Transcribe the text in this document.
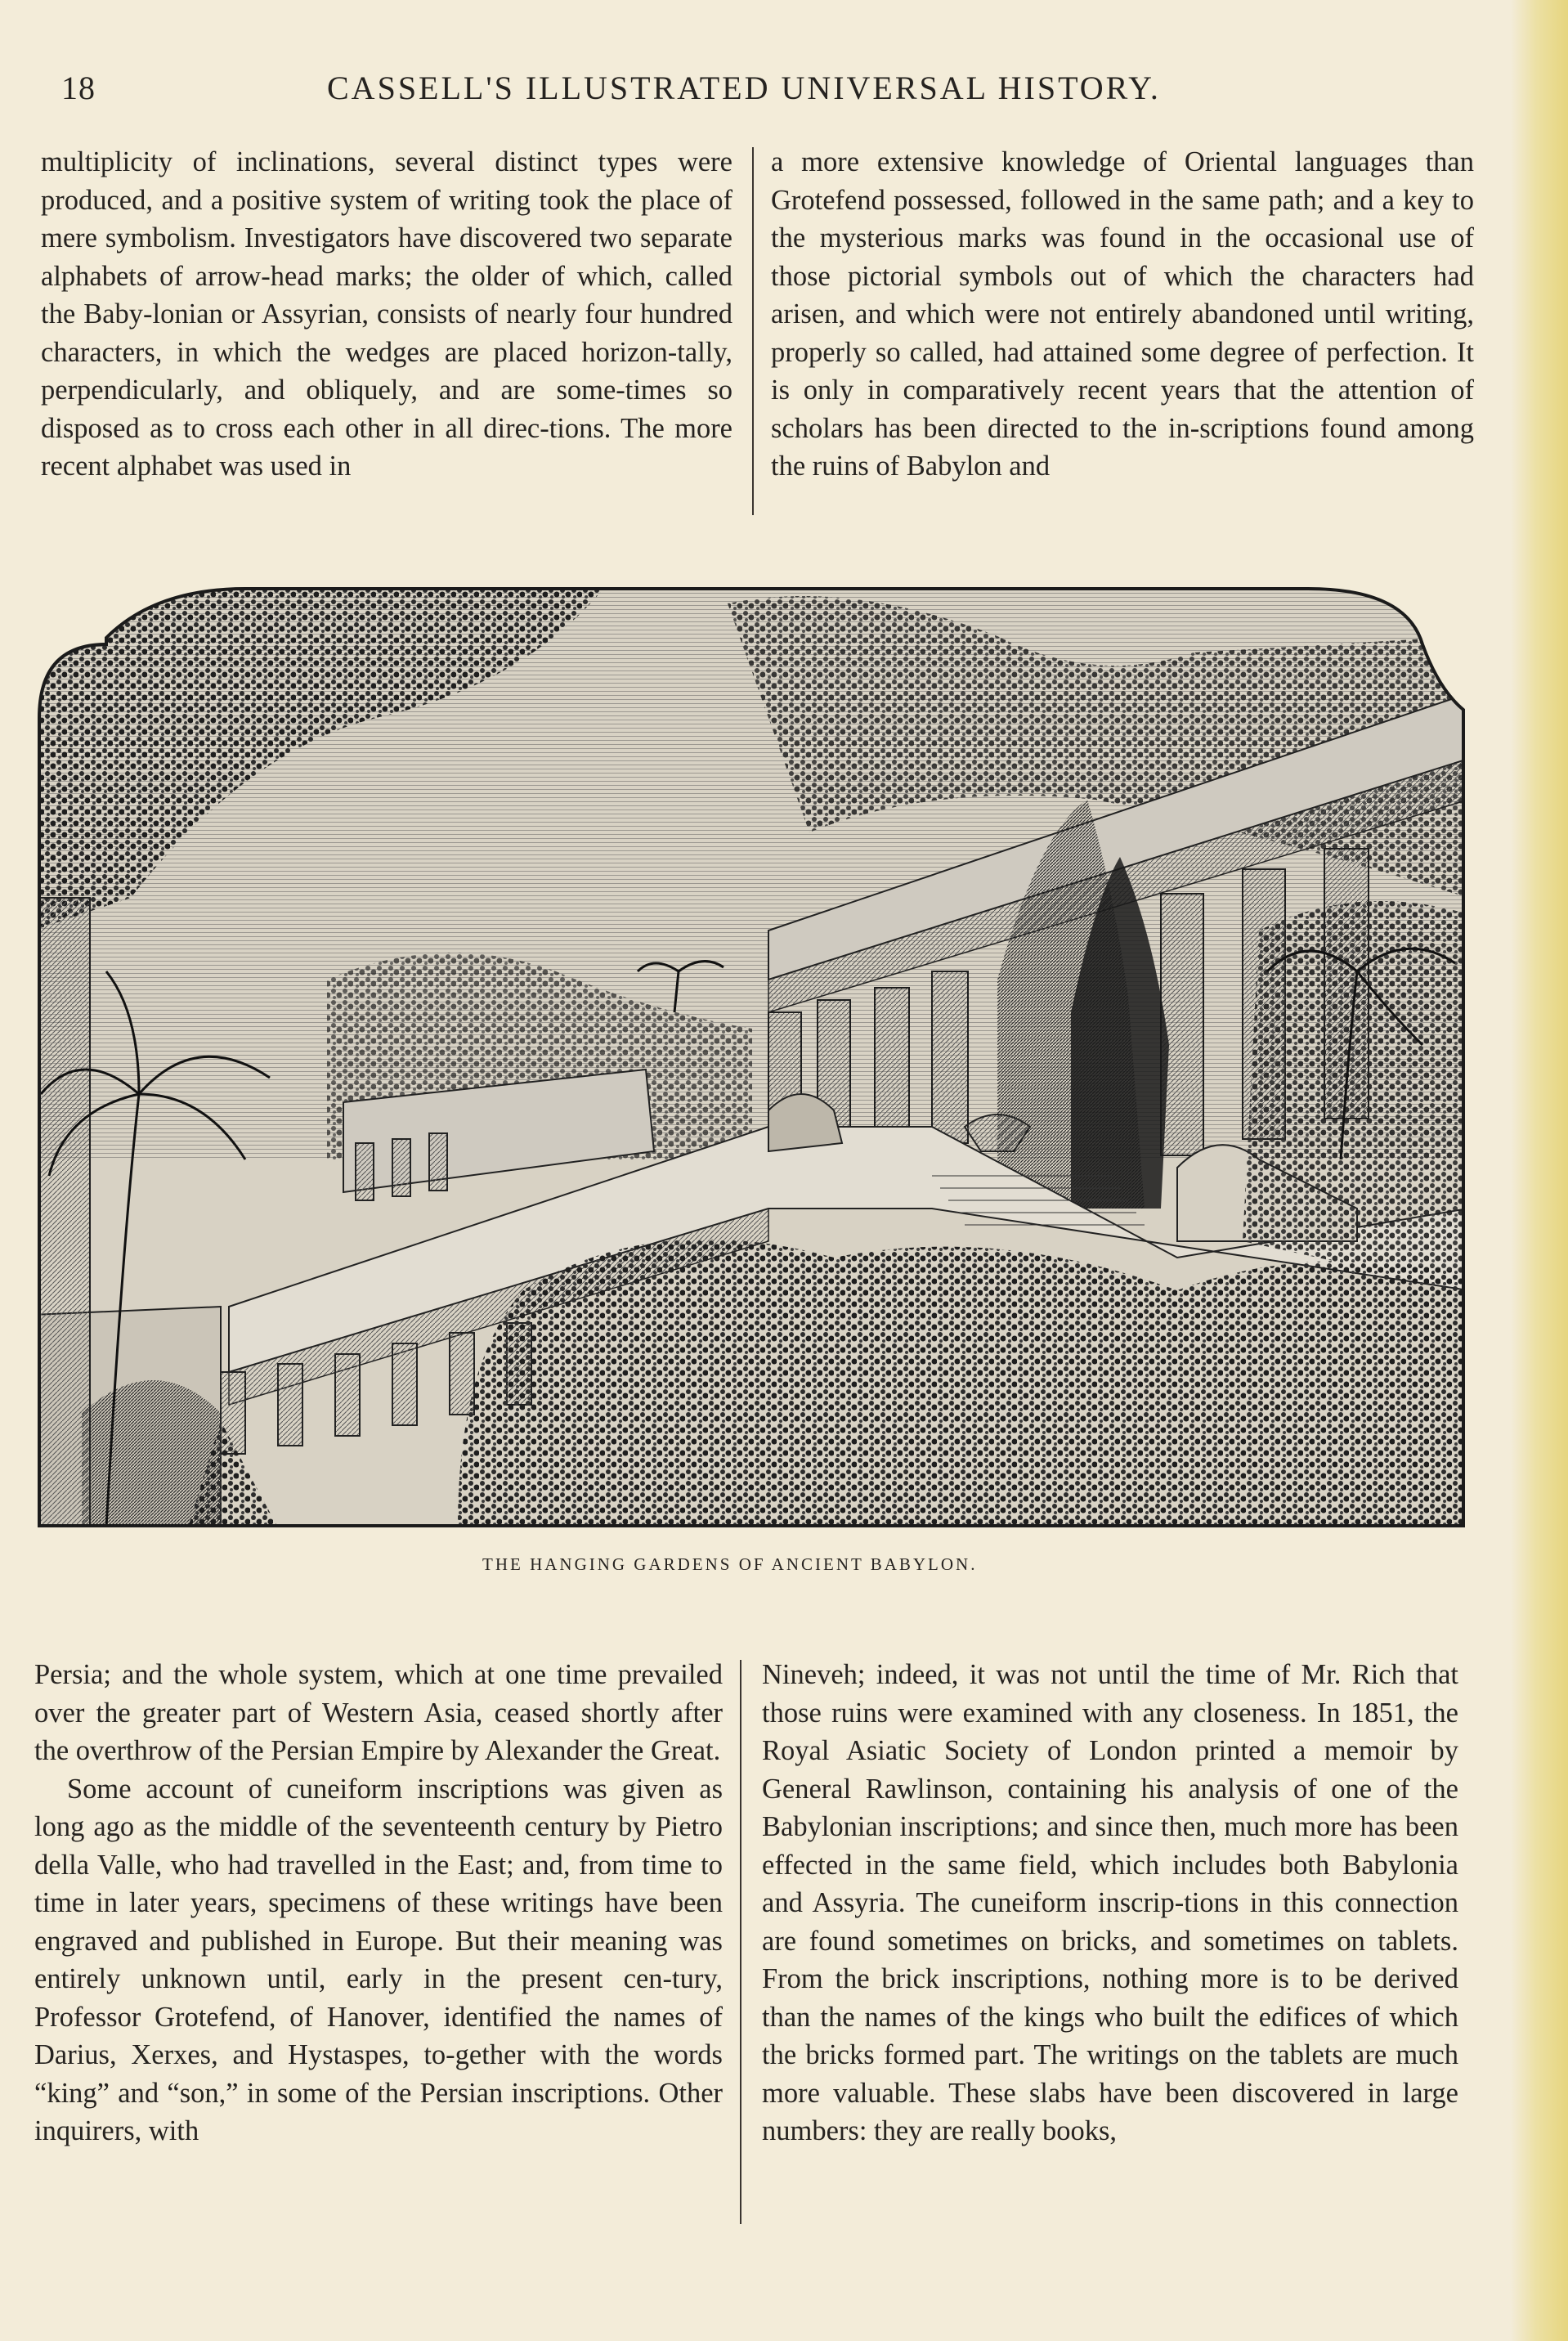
18	CASSELL'S ILLUSTRATED UNIVERSAL HISTORY.

multiplicity of inclinations, several distinct types were produced, and a positive system of writing took the place of mere symbolism. Investigators have discovered two separate alphabets of arrow-head marks; the older of which, called the Baby-lonian or Assyrian, consists of nearly four hundred characters, in which the wedges are placed horizon-tally, perpendicularly, and obliquely, and are some-times so disposed as to cross each other in all direc-tions. The more recent alphabet was used in

a more extensive knowledge of Oriental languages than Grotefend possessed, followed in the same path; and a key to the mysterious marks was found in the occasional use of those pictorial symbols out of which the characters had arisen, and which were not entirely abandoned until writing, properly so called, had attained some degree of perfection. It is only in comparatively recent years that the attention of scholars has been directed to the in-scriptions found among the ruins of Babylon and

THE HANGING GARDENS OF ANCIENT BABYLON.

Persia; and the whole system, which at one time prevailed over the greater part of Western Asia, ceased shortly after the overthrow of the Persian Empire by Alexander the Great.

Some account of cuneiform inscriptions was given as long ago as the middle of the seventeenth century by Pietro della Valle, who had travelled in the East; and, from time to time in later years, specimens of these writings have been engraved and published in Europe. But their meaning was entirely unknown until, early in the present cen-tury, Professor Grotefend, of Hanover, identified the names of Darius, Xerxes, and Hystaspes, to-gether with the words “king” and “son,” in some of the Persian inscriptions. Other inquirers, with

Nineveh; indeed, it was not until the time of Mr. Rich that those ruins were examined with any closeness. In 1851, the Royal Asiatic Society of London printed a memoir by General Rawlinson, containing his analysis of one of the Babylonian inscriptions; and since then, much more has been effected in the same field, which includes both Babylonia and Assyria. The cuneiform inscrip-tions in this connection are found sometimes on bricks, and sometimes on tablets. From the brick inscriptions, nothing more is to be derived than the names of the kings who built the edifices of which the bricks formed part. The writings on the tablets are much more valuable. These slabs have been discovered in large numbers: they are really books,
